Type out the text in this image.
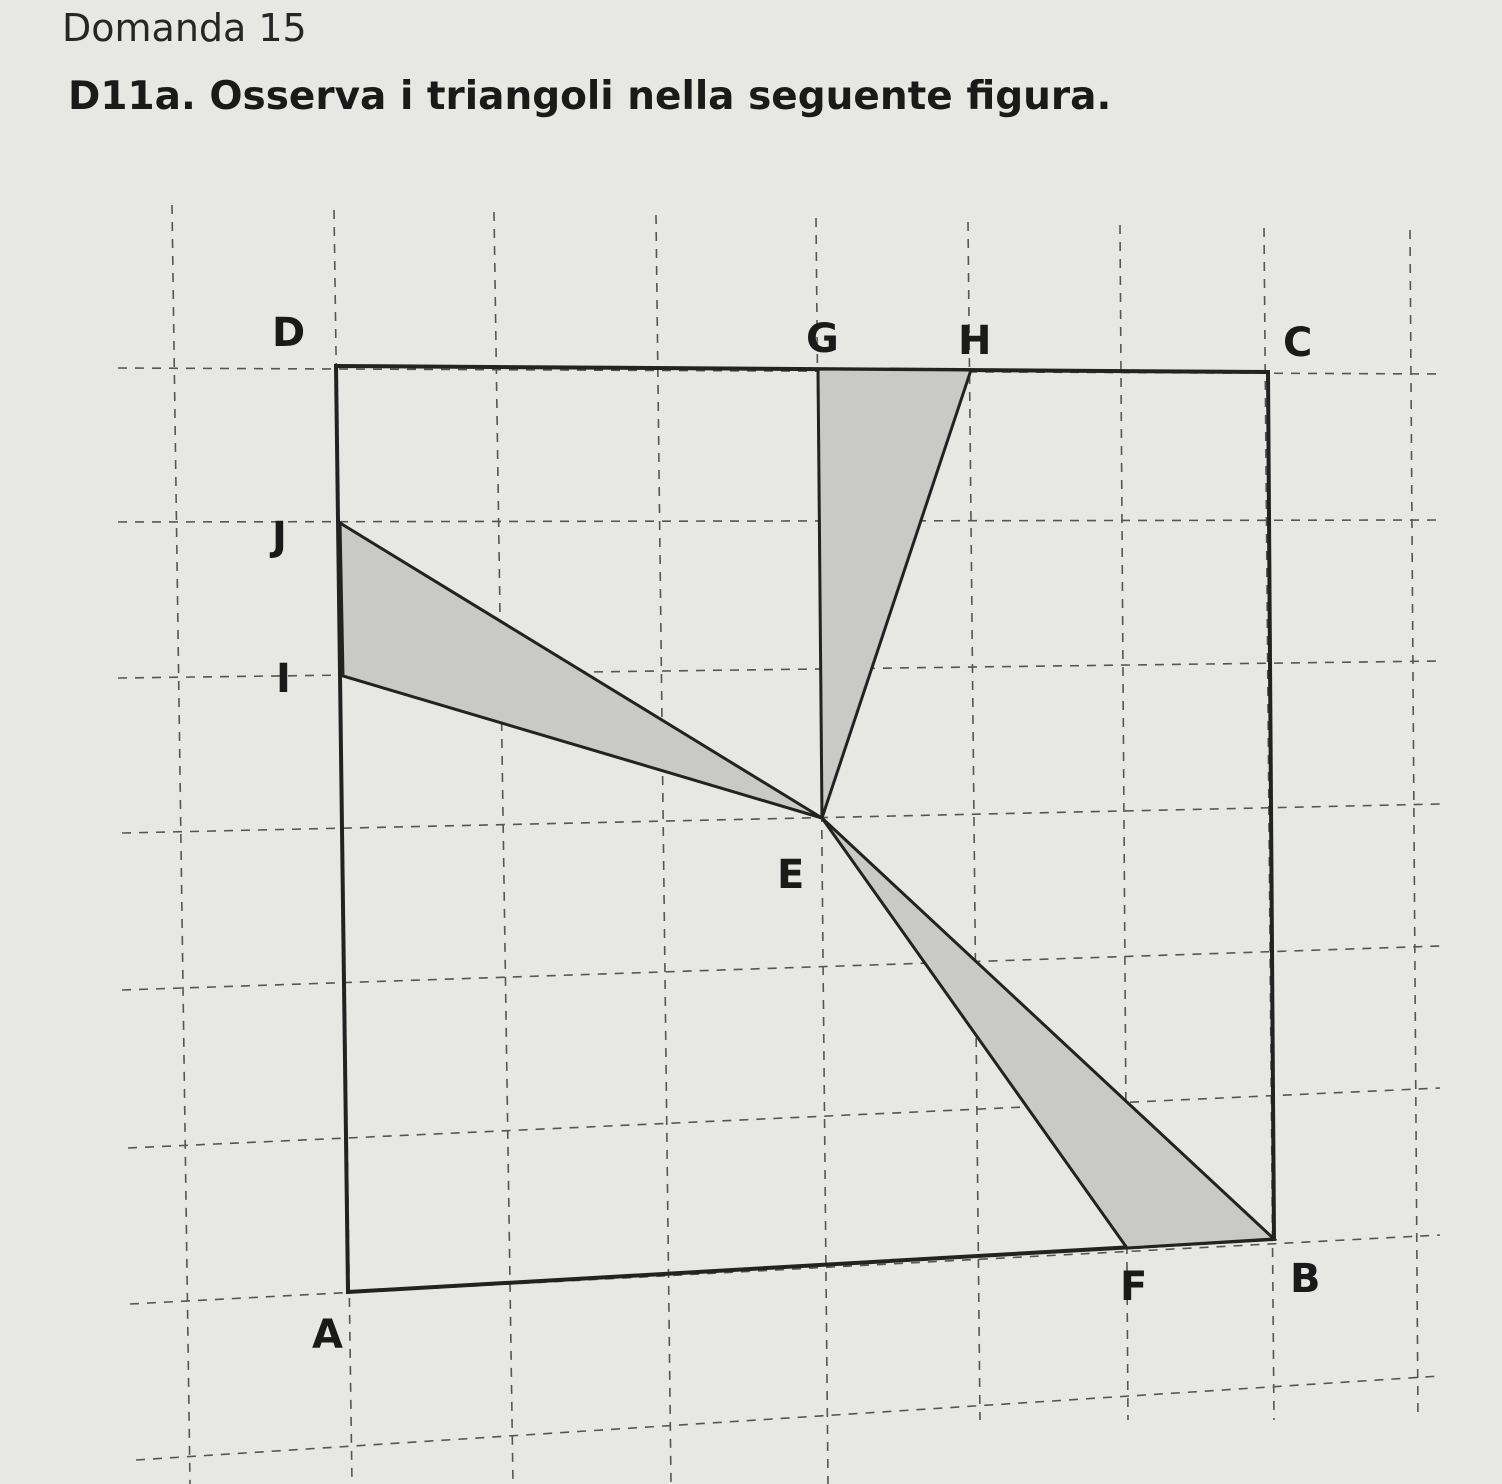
Domanda 15
D11a. Osserva i triangoli nella seguente figura.
D	G	H	C
J
I
E
F	B
A
